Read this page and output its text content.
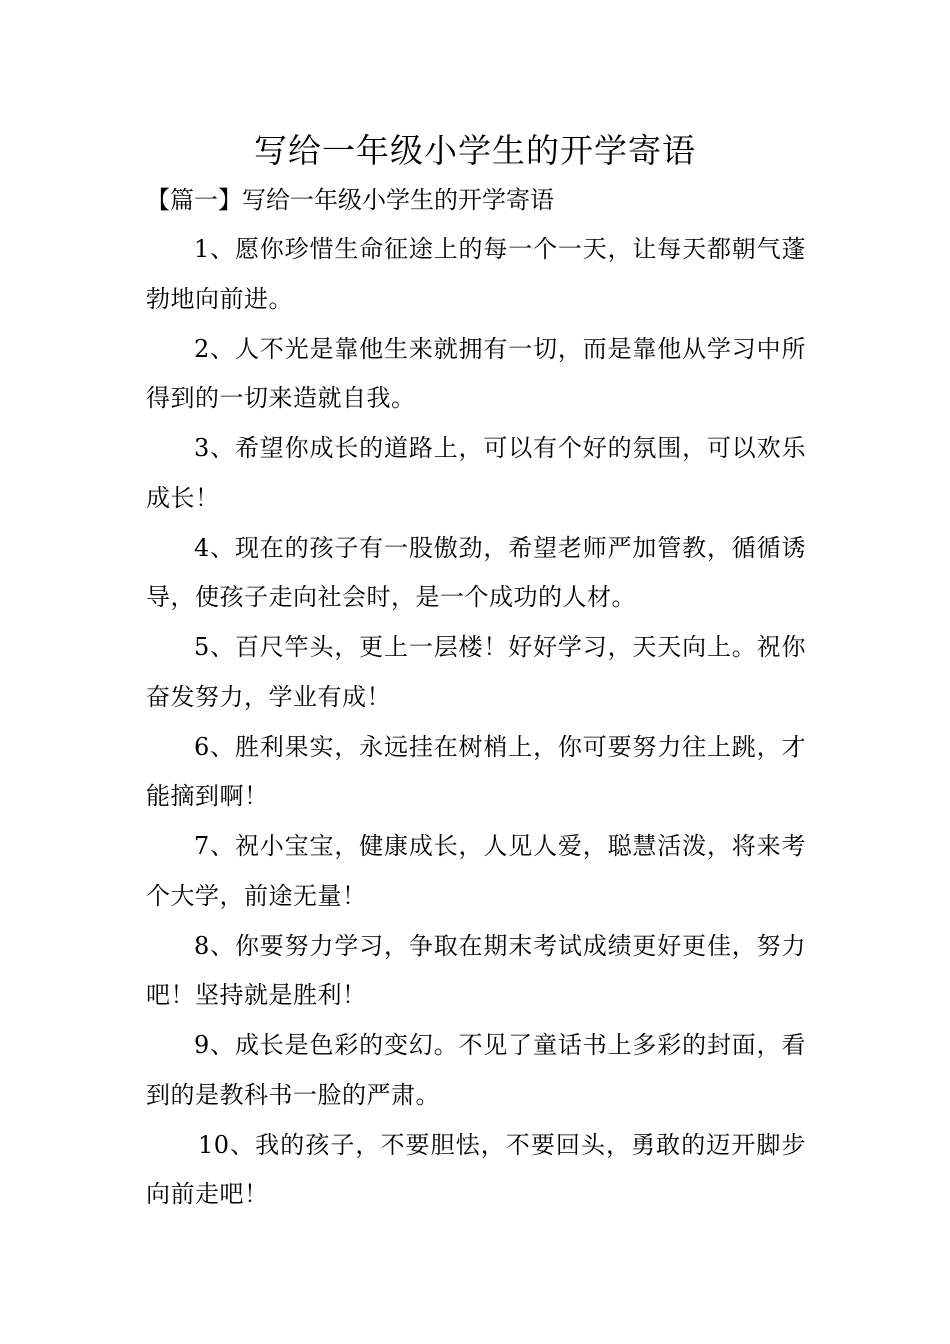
写给一年级小学生的开学寄语

【篇一】写给一年级小学生的开学寄语

1、愿你珍惜生命征途上的每一个一天，让每天都朝气蓬勃地向前进。
2、人不光是靠他生来就拥有一切，而是靠他从学习中所得到的一切来造就自我。
3、希望你成长的道路上，可以有个好的氛围，可以欢乐成长！
4、现在的孩子有一股傲劲，希望老师严加管教，循循诱导，使孩子走向社会时，是一个成功的人材。
5、百尺竿头，更上一层楼！好好学习，天天向上。祝你奋发努力，学业有成！
6、胜利果实，永远挂在树梢上，你可要努力往上跳，才能摘到啊！
7、祝小宝宝，健康成长，人见人爱，聪慧活泼，将来考个大学，前途无量！
8、你要努力学习，争取在期末考试成绩更好更佳，努力吧！坚持就是胜利！
9、成长是色彩的变幻。不见了童话书上多彩的封面，看到的是教科书一脸的严肃。
10、我的孩子，不要胆怯，不要回头，勇敢的迈开脚步向前走吧！
